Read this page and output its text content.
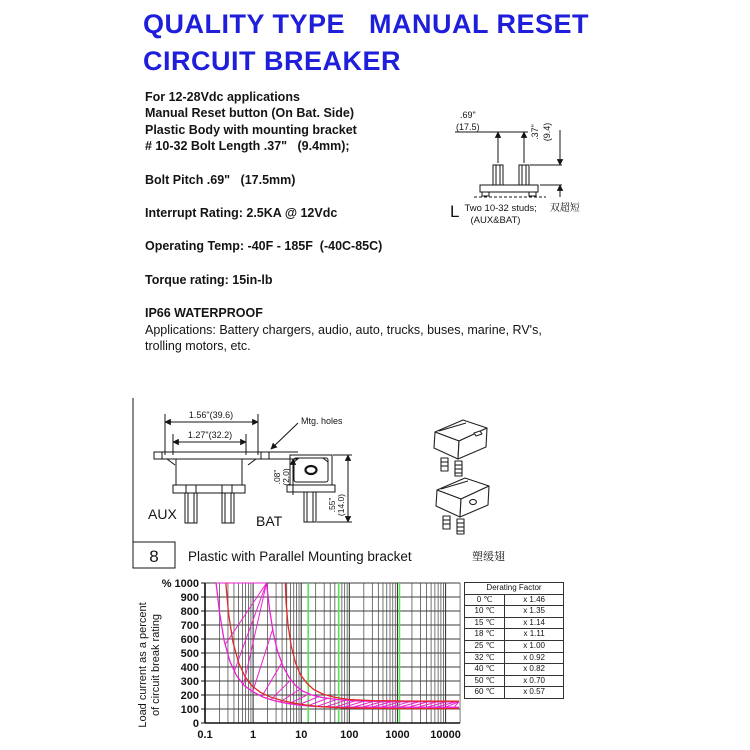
QUALITY TYPE   MANUAL RESET
CIRCUIT BREAKER
For 12-28Vdc applications
Manual Reset button (On Bat. Side)
Plastic Body with mounting bracket
# 10-32 Bolt Length .37"   (9.4mm);
Bolt Pitch .69"   (17.5mm)
Interrupt Rating: 2.5KA @ 12Vdc
Operating Temp: -40F - 185F  (-40C-85C)
Torque rating: 15in-lb
IP66 WATERPROOF
Applications: Battery chargers, audio, auto, trucks, buses, marine, RV's,
trolling motors, etc.
.69"
(17.5)	.37" (9.4)
L Two 10-32 studs; 双超短
(AUX&BAT)
1.56"(39.6)
1.27"(32.2)
Mtg. holes
.08" (2.0)
.55" (14.0)
AUX	BAT
8 Plastic with Parallel Mounting bracket	塑缓翅
0
100
200
300
400
500
600
700
800
900
% 1000
0.1	1	10	100 1000 10000
Load current as a percent of circuit break rating
Derating Factor	
0 ℃	x 1.46
10 ℃	x 1.35
15 ℃	x 1.14
18 ℃	x 1.11
25 ℃	x 1.00
32 ℃	x 0.92
40 ℃	x 0.82
50 ℃	x 0.70
60 ℃	x 0.57
